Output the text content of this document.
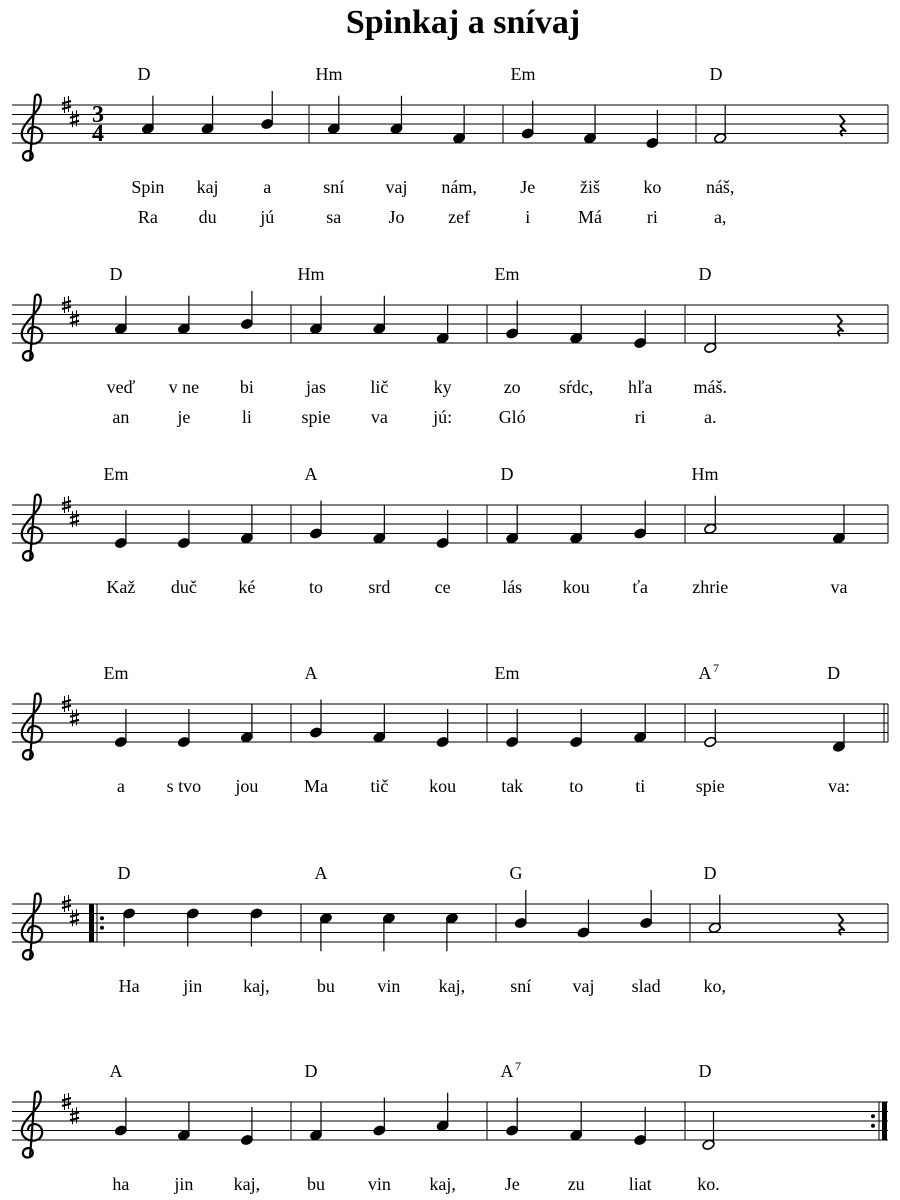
Spinkaj a snívaj
3
4
D
Spin
Ra
kaj
du
a
jú
Hm
sní
sa
vaj
Jo
nám,
zef
Em
Je
i
žiš
Má
ko
ri
D
náš,
a,
D
veď
an
v ne
je
bi
li
Hm
jas
spie
lič
va
ky
jú:
Em
zo
Gló
sŕdc, hľa
ri
D
máš.
a.
Em
Kaž duč ké
A
to	srd ce
D
lás kou ťa
Hm
zhrie	va
Em
a s tvo jou
A
Ma tič kou
Em
tak	to	ti
A 7	D
spie	va:
D
Ha jin kaj,
A
bu vin kaj,
G
sní vaj slad
D
ko,
A
ha jin kaj,
D
bu vin kaj,
A 7
Je	zu liat
D
ko.
